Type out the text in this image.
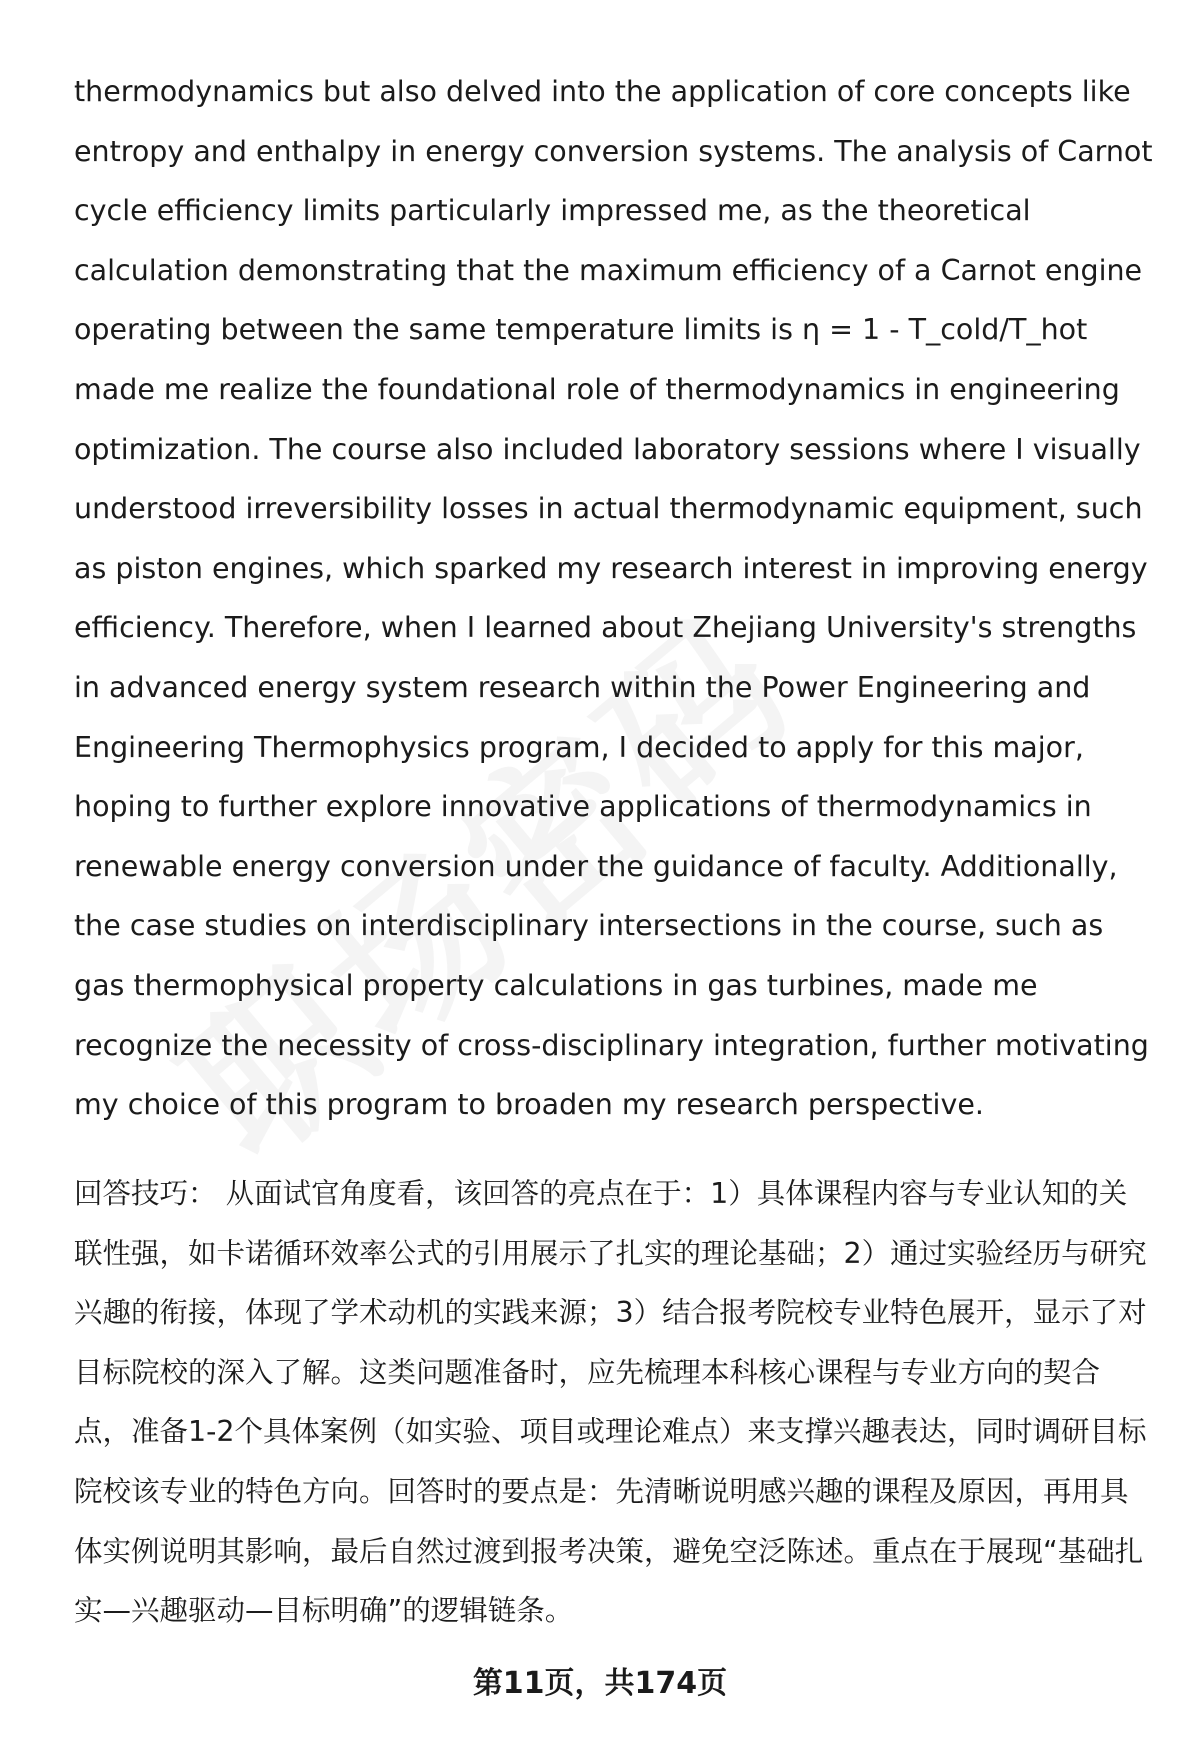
thermodynamics but also delved into the application of core concepts like entropy and enthalpy in energy conversion systems. The analysis of Carnot cycle efficiency limits particularly impressed me, as the theoretical calculation demonstrating that the maximum efficiency of a Carnot engine operating between the same temperature limits is η = 1 - T_cold/T_hot made me realize the foundational role of thermodynamics in engineering optimization. The course also included laboratory sessions where I visually understood irreversibility losses in actual thermodynamic equipment, such as piston engines, which sparked my research interest in improving energy efficiency. Therefore, when I learned about Zhejiang University's strengths in advanced energy system research within the Power Engineering and Engineering Thermophysics program, I decided to apply for this major, hoping to further explore innovative applications of thermodynamics in renewable energy conversion under the guidance of faculty. Additionally, the case studies on interdisciplinary intersections in the course, such as gas thermophysical property calculations in gas turbines, made me recognize the necessity of cross-disciplinary integration, further motivating my choice of this program to broaden my research perspective.

回答技巧： 从面试官角度看，该回答的亮点在于：1）具体课程内容与专业认知的关联性强，如卡诺循环效率公式的引用展示了扎实的理论基础；2）通过实验经历与研究兴趣的衔接，体现了学术动机的实践来源；3）结合报考院校专业特色展开，显示了对目标院校的深入了解。这类问题准备时，应先梳理本科核心课程与专业方向的契合点，准备1-2个具体案例（如实验、项目或理论难点）来支撑兴趣表达，同时调研目标院校该专业的特色方向。回答时的要点是：先清晰说明感兴趣的课程及原因，再用具体实例说明其影响，最后自然过渡到报考决策，避免空泛陈述。重点在于展现“基础扎实—兴趣驱动—目标明确”的逻辑链条。

第11页，共174页
